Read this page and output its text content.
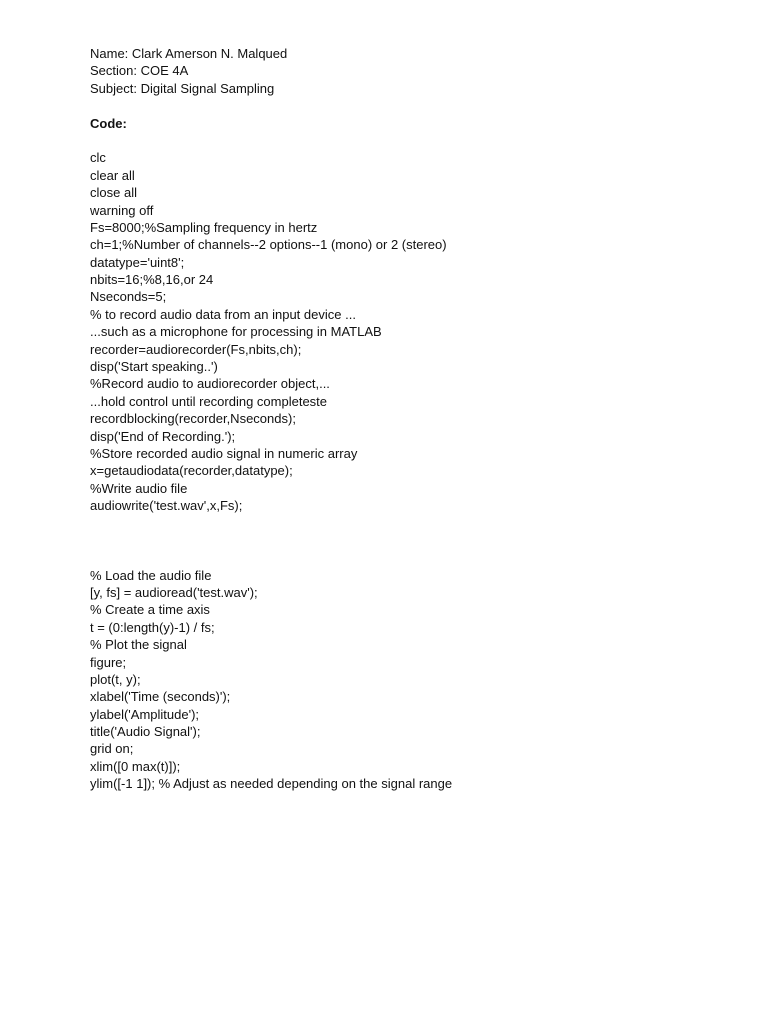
Name: Clark Amerson N. Malqued
Section: COE 4A
Subject: Digital Signal Sampling
Code:
clc
clear all
close all
warning off
Fs=8000;%Sampling frequency in hertz
ch=1;%Number of channels--2 options--1 (mono) or 2 (stereo)
datatype='uint8';
nbits=16;%8,16,or 24
Nseconds=5;
% to record audio data from an input device ...
...such as a microphone for processing in MATLAB
recorder=audiorecorder(Fs,nbits,ch);
disp('Start speaking..')
%Record audio to audiorecorder object,...
...hold control until recording completeste
recordblocking(recorder,Nseconds);
disp('End of Recording.');
%Store recorded audio signal in numeric array
x=getaudiodata(recorder,datatype);
%Write audio file
audiowrite('test.wav',x,Fs);
% Load the audio file
[y, fs] = audioread('test.wav');
% Create a time axis
t = (0:length(y)-1) / fs;
% Plot the signal
figure;
plot(t, y);
xlabel('Time (seconds)');
ylabel('Amplitude');
title('Audio Signal');
grid on;
xlim([0 max(t)]);
ylim([-1 1]); % Adjust as needed depending on the signal range
